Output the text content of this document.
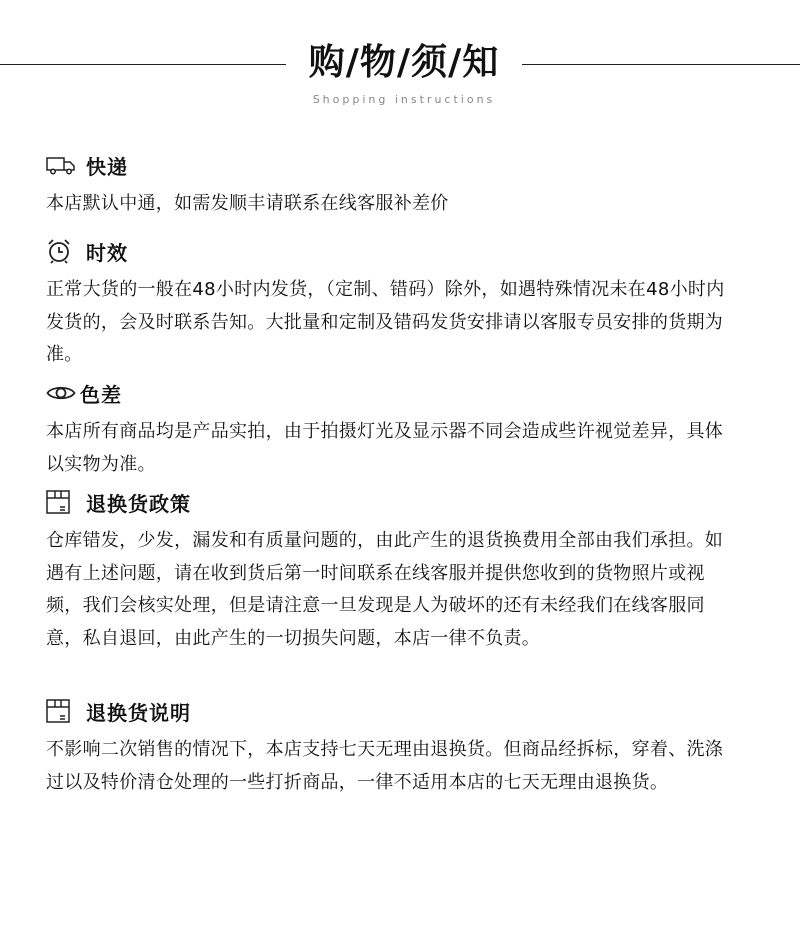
购/物/须/知
Shopping instructions
快递
本店默认中通，如需发顺丰请联系在线客服补差价
时效
正常大货的一般在48小时内发货，（定制、错码）除外，如遇特殊情况未在48小时内发货的，会及时联系告知。大批量和定制及错码发货安排请以客服专员安排的货期为准。
色差
本店所有商品均是产品实拍，由于拍摄灯光及显示器不同会造成些许视觉差异，具体以实物为准。
退换货政策
仓库错发，少发，漏发和有质量问题的，由此产生的退货换费用全部由我们承担。如遇有上述问题，请在收到货后第一时间联系在线客服并提供您收到的货物照片或视频，我们会核实处理，但是请注意一旦发现是人为破坏的还有未经我们在线客服同意，私自退回，由此产生的一切损失问题，本店一律不负责。
退换货说明
不影响二次销售的情况下，本店支持七天无理由退换货。但商品经拆标，穿着、洗涤过以及特价清仓处理的一些打折商品，一律不适用本店的七天无理由退换货。
